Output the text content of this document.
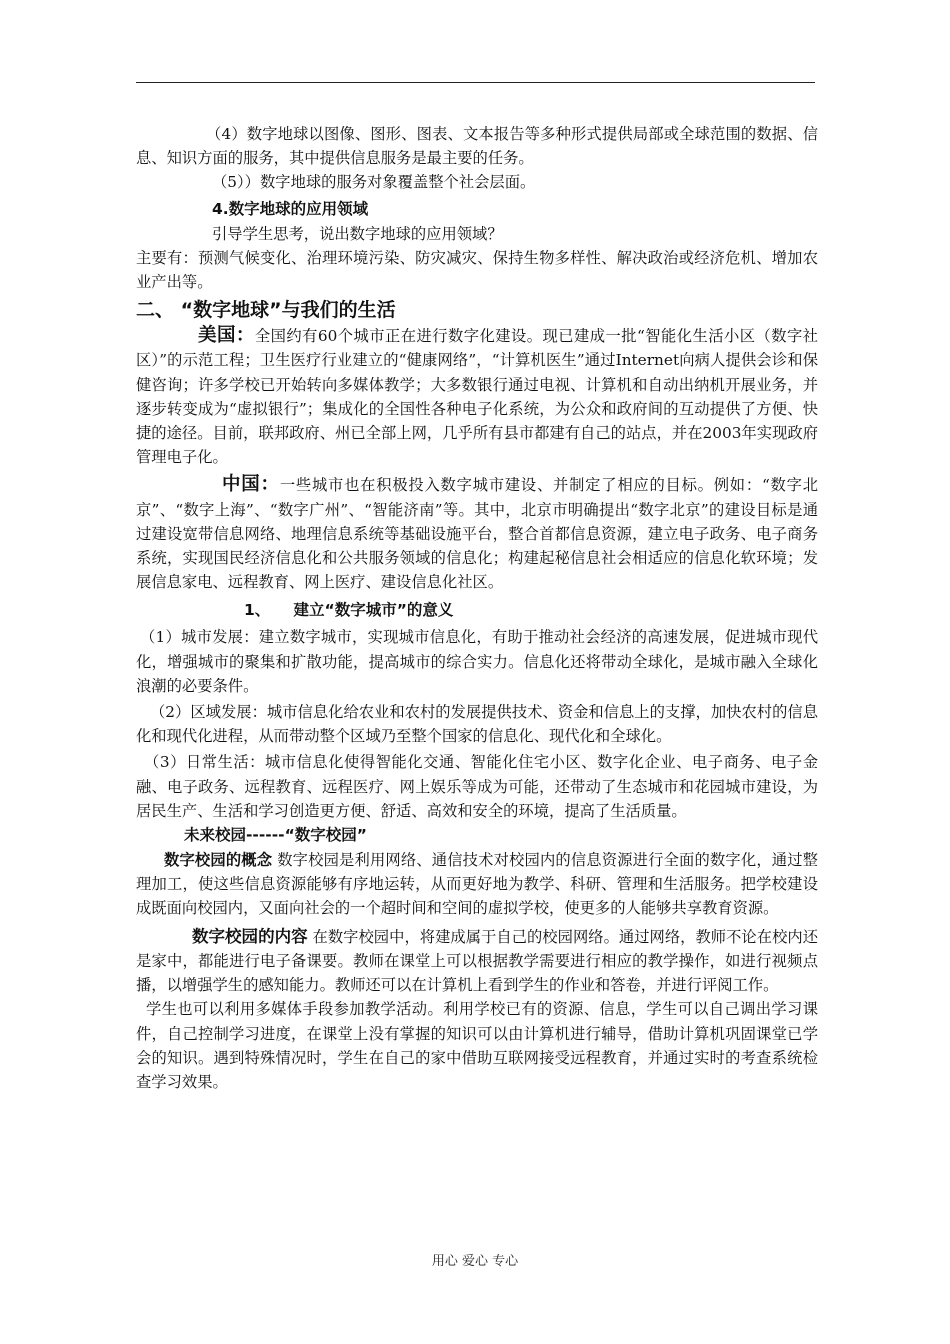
（4）数字地球以图像、图形、图表、文本报告等多种形式提供局部或全球范围的数据、信息、知识方面的服务，其中提供信息服务是最主要的任务。

（5））数字地球的服务对象覆盖整个社会层面。

4.数字地球的应用领域

引导学生思考，说出数字地球的应用领域？

主要有：预测气候变化、治理环境污染、防灾减灾、保持生物多样性、解决政治或经济危机、增加农业产出等。

二、 “数字地球”与我们的生活

美国：全国约有60个城市正在进行数字化建设。现已建成一批“智能化生活小区（数字社区）”的示范工程；卫生医疗行业建立的“健康网络”，“计算机医生”通过Internet向病人提供会诊和保健咨询；许多学校已开始转向多媒体教学；大多数银行通过电视、计算机和自动出纳机开展业务，并逐步转变成为“虚拟银行”；集成化的全国性各种电子化系统，为公众和政府间的互动提供了方便、快捷的途径。目前，联邦政府、州已全部上网，几乎所有县市都建有自己的站点，并在2003年实现政府管理电子化。

中国：一些城市也在积极投入数字城市建设、并制定了相应的目标。例如：“数字北京”、“数字上海”、“数字广州”、“智能济南”等。其中，北京市明确提出“数字北京”的建设目标是通过建设宽带信息网络、地理信息系统等基础设施平台，整合首都信息资源，建立电子政务、电子商务系统，实现国民经济信息化和公共服务领域的信息化；构建起秘信息社会相适应的信息化软环境；发展信息家电、远程教育、网上医疗、建设信息化社区。

1、　　建立“数字城市”的意义

（1）城市发展：建立数字城市，实现城市信息化，有助于推动社会经济的高速发展，促进城市现代化，增强城市的聚集和扩散功能，提高城市的综合实力。信息化还将带动全球化，是城市融入全球化浪潮的必要条件。

（2）区域发展：城市信息化给农业和农村的发展提供技术、资金和信息上的支撑，加快农村的信息化和现代化进程，从而带动整个区域乃至整个国家的信息化、现代化和全球化。

（3）日常生活：城市信息化使得智能化交通、智能化住宅小区、数字化企业、电子商务、电子金融、电子政务、远程教育、远程医疗、网上娱乐等成为可能，还带动了生态城市和花园城市建设，为居民生产、生活和学习创造更方便、舒适、高效和安全的环境，提高了生活质量。

未来校园------“数字校园”

数字校园的概念 数字校园是利用网络、通信技术对校园内的信息资源进行全面的数字化，通过整理加工，使这些信息资源能够有序地运转，从而更好地为教学、科研、管理和生活服务。把学校建设成既面向校园内，又面向社会的一个超时间和空间的虚拟学校，使更多的人能够共享教育资源。

数字校园的内容 在数字校园中，将建成属于自己的校园网络。通过网络，教师不论在校内还是家中，都能进行电子备课要。教师在课堂上可以根据教学需要进行相应的教学操作，如进行视频点播，以增强学生的感知能力。教师还可以在计算机上看到学生的作业和答卷，并进行评阅工作。

学生也可以利用多媒体手段参加教学活动。利用学校已有的资源、信息，学生可以自己调出学习课件，自己控制学习进度，在课堂上没有掌握的知识可以由计算机进行辅导，借助计算机巩固课堂已学会的知识。遇到特殊情况时，学生在自己的家中借助互联网接受远程教育，并通过实时的考查系统检查学习效果。

用心 爱心 专心
